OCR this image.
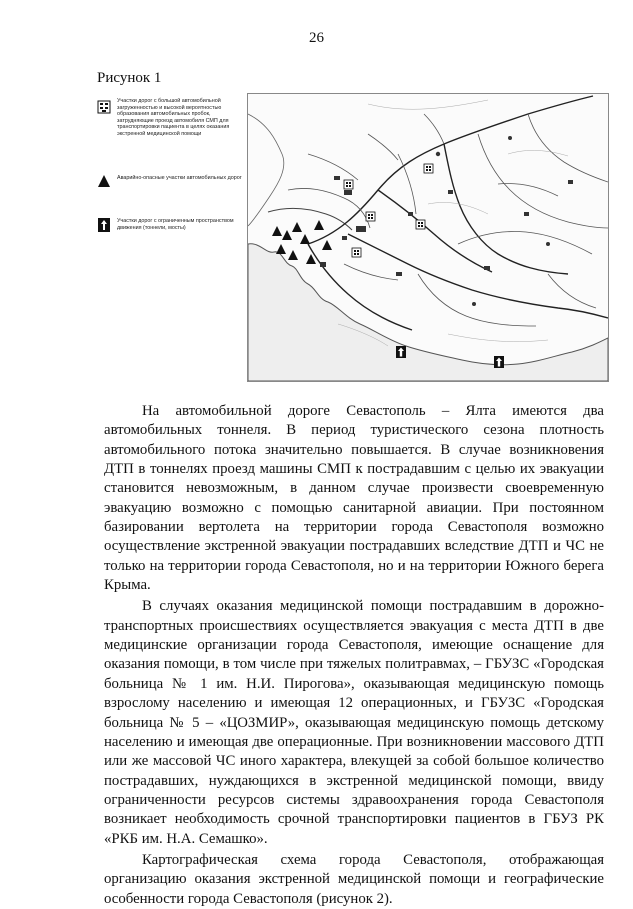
26
Рисунок 1
Участки дорог с большой автомобильной загруженностью и высокой вероятностью образования автомобильных пробок, затрудняющие проезд автомобиля СМП для транспортировки пациента в целях оказания экстренной медицинской помощи
Аварийно-опасные участки автомобильных дорог
Участки дорог с ограниченным пространством движения (тоннели, мосты)

На автомобильной дороге Севастополь – Ялта имеются два автомобильных тоннеля. В период туристического сезона плотность автомобильного потока значительно повышается. В случае возникновения ДТП в тоннелях проезд машины СМП к пострадавшим с целью их эвакуации становится невозможным, в данном случае произвести своевременную эвакуацию возможно с помощью санитарной авиации. При постоянном базировании вертолета на территории города Севастополя возможно осуществление экстренной эвакуации пострадавших вследствие ДТП и ЧС не только на территории города Севастополя, но и на территории Южного берега Крыма.

В случаях оказания медицинской помощи пострадавшим в дорожно-транспортных происшествиях осуществляется эвакуация с места ДТП в две медицинские организации города Севастополя, имеющие оснащение для оказания помощи, в том числе при тяжелых политравмах, – ГБУЗС «Городская больница № 1 им. Н.И. Пирогова», оказывающая медицинскую помощь взрослому населению и имеющая 12 операционных, и ГБУЗС «Городская больница № 5 – «ЦОЗМИР», оказывающая медицинскую помощь детскому населению и имеющая две операционные. При возникновении массового ДТП или же массовой ЧС иного характера, влекущей за собой большое количество пострадавших, нуждающихся в экстренной медицинской помощи, ввиду ограниченности ресурсов системы здравоохранения города Севастополя возникает необходимость срочной транспортировки пациентов в ГБУЗ РК «РКБ им. Н.А. Семашко».

Картографическая схема города Севастополя, отображающая организацию оказания экстренной медицинской помощи и географические особенности города Севастополя (рисунок 2).
